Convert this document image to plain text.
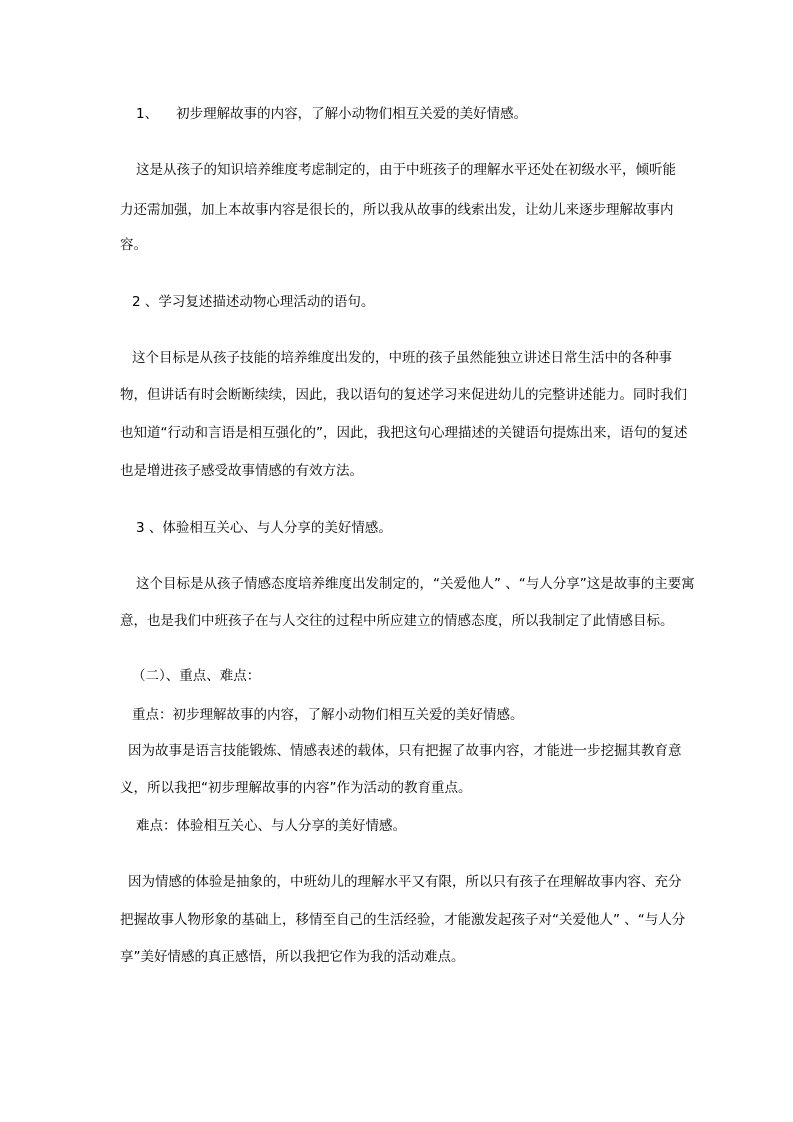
1、 初步理解故事的内容，了解小动物们相互关爱的美好情感。
这是从孩子的知识培养维度考虑制定的，由于中班孩子的理解水平还处在初级水平，倾听能
力还需加强，加上本故事内容是很长的，所以我从故事的线索出发，让幼儿来逐步理解故事内
容。
2 、学习复述描述动物心理活动的语句。
这个目标是从孩子技能的培养维度出发的，中班的孩子虽然能独立讲述日常生活中的各种事
物，但讲话有时会断断续续，因此，我以语句的复述学习来促进幼儿的完整讲述能力。同时我们
也知道“行动和言语是相互强化的”，因此，我把这句心理描述的关键语句提炼出来，语句的复述
也是增进孩子感受故事情感的有效方法。
3 、体验相互关心、与人分享的美好情感。
这个目标是从孩子情感态度培养维度出发制定的，“关爱他人” 、“与人分享”这是故事的主要寓
意，也是我们中班孩子在与人交往的过程中所应建立的情感态度，所以我制定了此情感目标。
（二）、重点、难点：
重点：初步理解故事的内容，了解小动物们相互关爱的美好情感。
因为故事是语言技能锻炼、情感表述的载体，只有把握了故事内容，才能进一步挖掘其教育意
义，所以我把“初步理解故事的内容”作为活动的教育重点。
难点：体验相互关心、与人分享的美好情感。
因为情感的体验是抽象的，中班幼儿的理解水平又有限，所以只有孩子在理解故事内容、充分
把握故事人物形象的基础上，移情至自己的生活经验，才能激发起孩子对“关爱他人” 、“与人分
享”美好情感的真正感悟，所以我把它作为我的活动难点。
